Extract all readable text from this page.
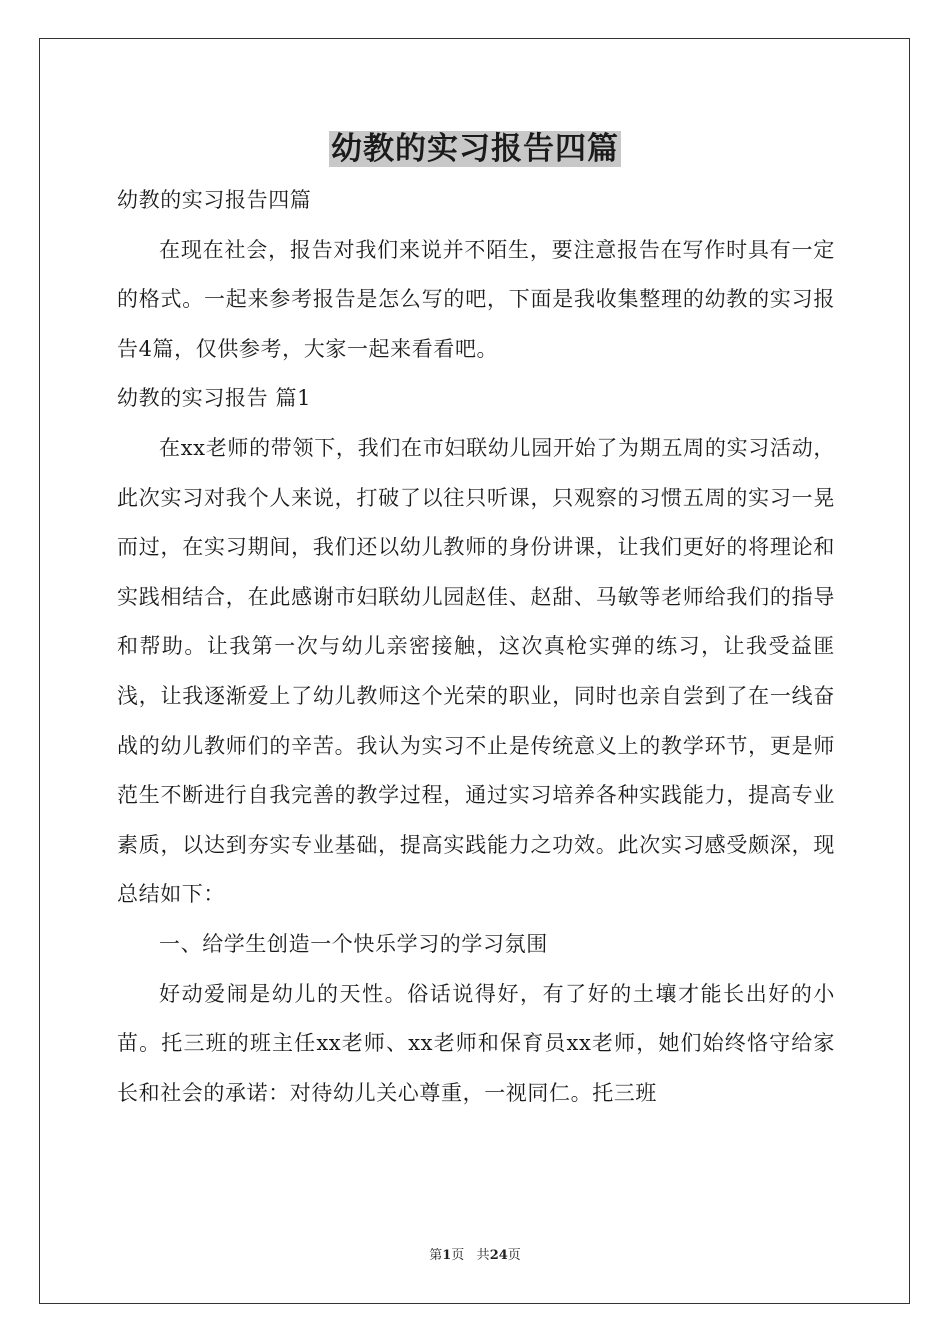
幼教的实习报告四篇

幼教的实习报告四篇

在现在社会，报告对我们来说并不陌生，要注意报告在写作时具有一定的格式。一起来参考报告是怎么写的吧，下面是我收集整理的幼教的实习报告4篇，仅供参考，大家一起来看看吧。

幼教的实习报告 篇1

在xx老师的带领下，我们在市妇联幼儿园开始了为期五周的实习活动，此次实习对我个人来说，打破了以往只听课，只观察的习惯五周的实习一晃而过，在实习期间，我们还以幼儿教师的身份讲课，让我们更好的将理论和实践相结合，在此感谢市妇联幼儿园赵佳、赵甜、马敏等老师给我们的指导和帮助。让我第一次与幼儿亲密接触，这次真枪实弹的练习，让我受益匪浅，让我逐渐爱上了幼儿教师这个光荣的职业，同时也亲自尝到了在一线奋战的幼儿教师们的辛苦。我认为实习不止是传统意义上的教学环节，更是师范生不断进行自我完善的教学过程，通过实习培养各种实践能力，提高专业素质，以达到夯实专业基础，提高实践能力之功效。此次实习感受颇深，现总结如下：

一、给学生创造一个快乐学习的学习氛围

好动爱闹是幼儿的天性。俗话说得好，有了好的土壤才能长出好的小苗。托三班的班主任xx老师、xx老师和保育员xx老师，她们始终恪守给家长和社会的承诺：对待幼儿关心尊重，一视同仁。托三班

第1页 共24页
